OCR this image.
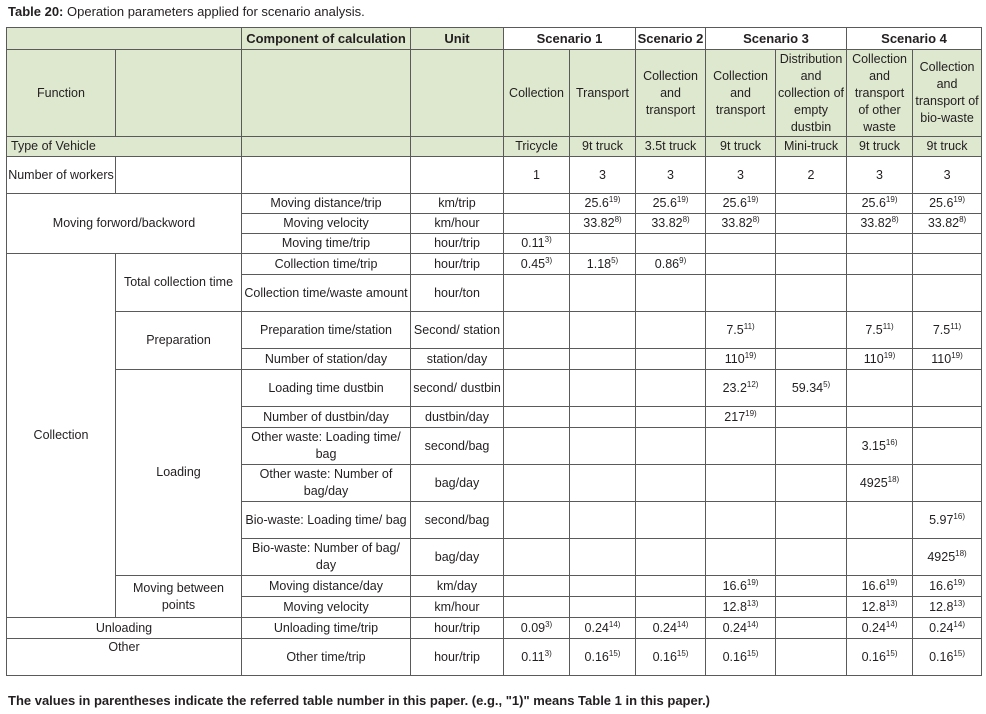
Table 20: Operation parameters applied for scenario analysis.
		Component of calculation	Unit	Scenario 1		Scenario 2	Scenario 3		Scenario 4	
Function				Collection	Transport	Collection and transport	Collection and transport	Distribution and collection of empty dustbin	Collection and transport of other waste	Collection and transport of bio-waste
Type of Vehicle				Tricycle	9t truck	3.5t truck	9t truck	Mini-truck	9t truck	9t truck
Number of workers				1	3	3	3	2	3	3
Moving forword/backword		Moving distance/trip	km/trip		25.6$^{19)}$	25.6$^{19)}$	25.6$^{19)}$		25.6$^{19)}$	25.6$^{19)}$
		Moving velocity	km/hour		33.82$^{8)}$	33.82$^{8)}$	33.82$^{8)}$		33.82$^{8)}$	33.82$^{8)}$
		Moving time/trip	hour/trip	0.11$^{3)}$						
Collection	Total collection time	Collection time/trip	hour/trip	0.45$^{3)}$	1.18$^{5)}$	0.86$^{9)}$				
		Collection time/waste amount	hour/ton							
	Preparation	Preparation time/station	Second/ station				7.5$^{11)}$		7.5$^{11)}$	7.5$^{11)}$
		Number of station/day	station/day				110$^{19)}$		110$^{19)}$	110$^{19)}$
	Loading	Loading time dustbin	second/ dustbin				23.2$^{12)}$	59.34$^{5)}$		
		Number of dustbin/day	dustbin/day				217$^{19)}$			
		Other waste: Loading time/ bag	second/bag						3.15$^{16)}$	
		Other waste: Number of bag/day	bag/day						4925$^{18)}$	
		Bio-waste: Loading time/ bag	second/bag							5.97$^{16)}$
		Bio-waste: Number of bag/ day	bag/day							4925$^{18)}$
	Moving between points	Moving distance/day	km/day				16.6$^{19)}$		16.6$^{19)}$	16.6$^{19)}$
		Moving velocity	km/hour				12.8$^{13)}$		12.8$^{13)}$	12.8$^{13)}$
Unloading		Unloading time/trip	hour/trip	0.09$^{3)}$	0.24$^{14)}$	0.24$^{14)}$	0.24$^{14)}$		0.24$^{14)}$	0.24$^{14)}$
Other		Other time/trip	hour/trip	0.11$^{3)}$	0.16$^{15)}$	0.16$^{15)}$	0.16$^{15)}$		0.16$^{15)}$	0.16$^{15)}$
The values in parentheses indicate the referred table number in this paper. (e.g., "1)" means Table 1 in this paper.)
